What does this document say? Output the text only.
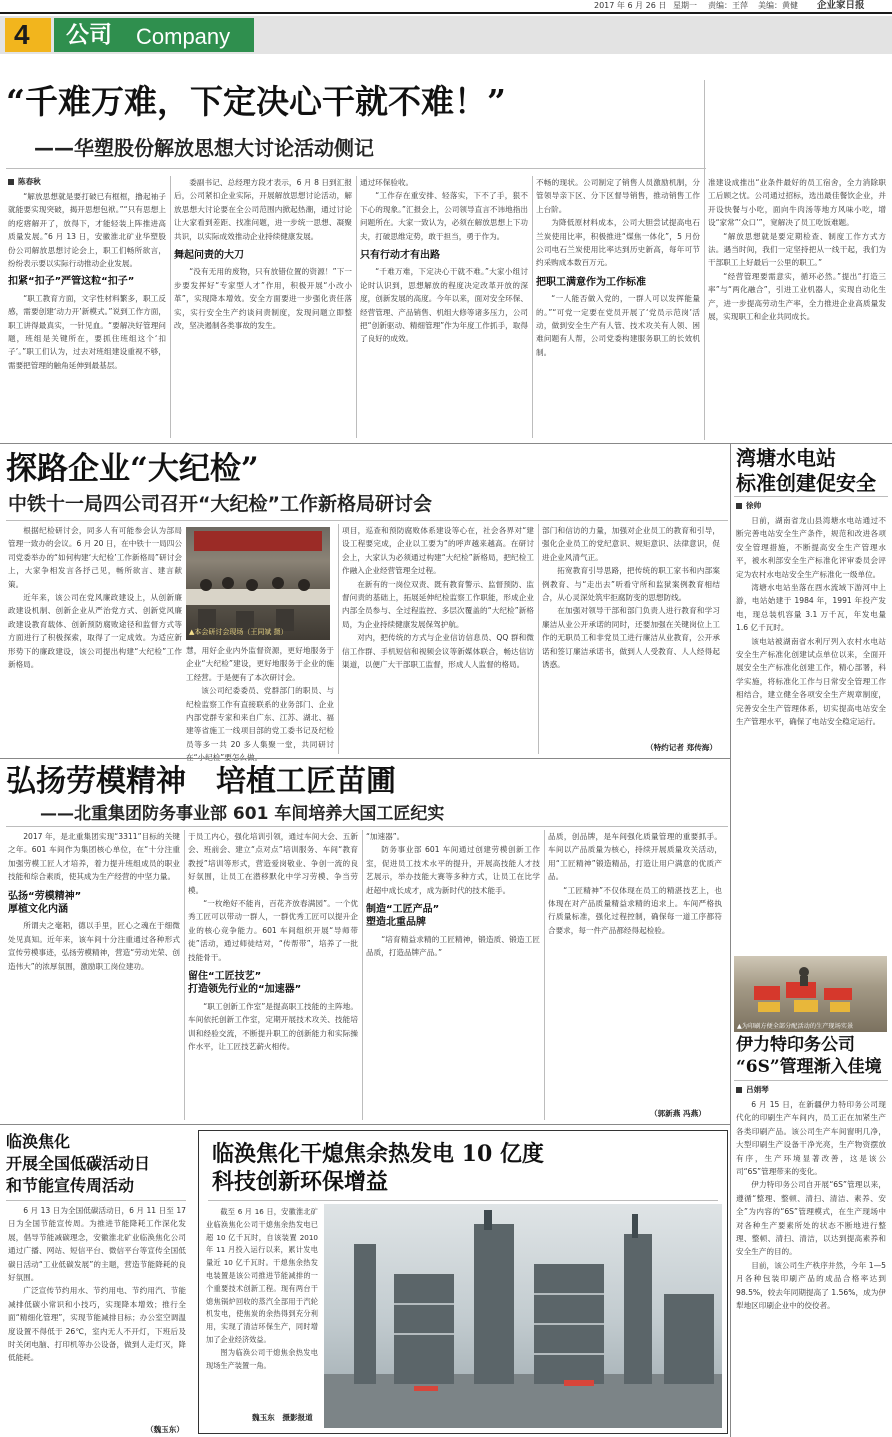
2017 年 6 月 26 日 星期一 责编：王萍 美编：黄健 企业家日报
4 公司 Company
“千难万难，下定决心干就不难！”
——华塑股份解放思想大讨论活动侧记
陈春秋

“解放思想就是要打破已有框框，撸起袖子就能要实现突破，揭开思想包袱。”“只有思想上的疙瘩解开了，放得下，才能轻装上阵推进高质量发展。”6 月 13 日，安徽淮北矿业华塑股份公司解放思想讨论会上，职工们畅所欲言，纷纷表示要以实际行动推动企业发展。

扣紧“扣子”严管这粒“扣子”

“职工教育方面，文字性材料繁多，职工反感，需要创建‘动力开’新模式。”说到工作方面，职工讲得最真实，一针见血。“要解决好管理问题，班组是关键所在，要抓住班组这个‘扣子’。”职工们认为，过去对班组建设重视不够，需要把管理的触角延伸到最基层。

委副书记、总经理方段才表示，6 月 8 日到汇报后，公司紧扣企业实际，开展解放思想讨论活动，解放思想大讨论要在全公司范围内掀起热潮，通过讨论让大家看到差距、找准问题，进一步统一思想、凝聚共识，以实际成效推动企业持续健康发展。

舞起问责的大刀

“没有无用的废物，只有放错位置的资源！”下一步要发挥好“专家型人才”作用，积极开展“小改小革”，实现降本增效。安全方面要进一步强化责任落实，实行安全生产约谈问责制度，发现问题立即整改，坚决遏制各类事故的发生。

通过环保验收。

“工作存在重安排、轻落实，下不了手，狠不下心的现象。”汇报会上，公司领导直言不讳地指出问题所在。大家一致认为，必须在解放思想上下功夫，打破思维定势，敢于担当，勇于作为。

只有行动才有出路

“千难万难，下定决心干就不难。”大家小组讨论时认识到，思想解放的程度决定改革开放的深度，创新发展的高度。今年以来，面对安全环保、经营管理、产品销售、机组大修等诸多压力，公司把“创新驱动、精细管理”作为年度工作抓手，取得了良好的成效。

不畅的现状。公司制定了销售人员激励机制，分管领导亲下区、分下区督导销售，推动销售工作上台阶。

为降低原材料成本，公司大胆尝试提高电石兰炭使用比率，积极推进“煤焦一体化”，5 月份公司电石兰炭使用比率达到历史新高，每年可节约采购成本数百万元。

把职工满意作为工作标准

“一人能否做入党的，一群人可以发挥能量的。”“可党一定要在党员开展了‘党员示范岗’活动，做到安全生产有人管、技术攻关有人领、困难问题有人帮，公司党委构建服务职工的长效机制。

准建设成推出“业条件最好的员工宿舍，全力消除职工后顾之忧。公司通过招标，选出最佳餐饮企业，并开设快餐与小吃，面向牛肉汤等地方风味小吃，增设“家常”‘众口’”，宽解决了员工吃饭难题。

“解放思想就是要定期检查、制度工作方式方法。遇当时间，我们一定坚持把从一线干起，我们为干部职工上好最后一公里的职工。”

“经营管理要需意实，循环必然。”提出“打造三率”与“两化融合”，引进工业机器人，实现自动化生产，进一步提高劳动生产率，全力推进企业高质量发展，实现职工和企业共同成长。

探路企业“大纪检”
中铁十一局四公司召开“大纪检”工作新格局研讨会

根据纪检研讨会，同多人有可能参会认为部局管理一致办的会议。6 月 20 日，在中铁十一局四公司党委举办的“如何构建‘大纪检’工作新格局”研讨会上，大家争相发言各抒己见，畅所欲言、建言献策。

近年来，该公司在党风廉政建设上，从创新廉政建设机制、创新企业从严治党方式、创新党风廉政建设教育载体、创新预防腐败途径和监督方式等方面进行了积极探索，取得了一定成效。为适应新形势下的廉政建设，该公司提出构建“大纪检”工作新格局。

▲本会研讨会现场（王同斌 摄）

慧，用好企业内外监督资源，更好地服务于企业“大纪检”建设，更好地服务于企业的施工经营。于是便有了本次研讨会。

该公司纪委委员、党群部门的职员、与纪检监察工作有直接联系的业务部门、企业内部党群专家和来自广东、江苏、湖北、福建等省施工一线项目部的党工委书记及纪检员等多一共 20 多人集聚一堂，共同研讨

项目，巡查和预防腐败体系建设等心在，社会各界对“建设工程要完成，企业以工要为”的呼声越来越高。在研讨会上，大家认为必须通过构建“大纪检”新格局，把纪检工作融入企业经营管理全过程。

在新有的一岗位双责、既有教育警示、监督预防、监督问责的基础上，拓展延伸纪检监察工作职能，形成企业内部全员参与、全过程监控、多层次覆盖的“大纪检”新格局，为企业持续健康发展保驾护航。

对内，把传统的方式与企业信访信息员、QQ 群和微信工作群、手机短信和视频会议等新媒体联合，畅达信访渠道，以便广大干部职工监督，形成人人监督的格局。

部门和信访的力量，加强对企业员工的教育和引导，强化企业员工的党纪意识、规矩意识、法律意识，促进企业风清气正。

拓宽教育引导思路，把传统的职工家书和内部案例教育、与“走出去”听看守所和监狱案例教育相结合，从心灵深处筑牢拒腐防变的思想防线。

在加强对领导干部和部门负责人进行教育和学习廉洁从业公开承诺的同时，还要加强在关键岗位上工作的无职员工和非党员工进行廉洁从业教育，公开承诺和签订廉洁承诺书，做到人人受教育、人人经得起诱惑。

（特约记者 郑传海）
弘扬劳模精神　培植工匠苗圃
——北重集团防务事业部 601 车间培养大国工匠纪实

2017 年，是北重集团实现“3311”目标的关键之年。601 车间作为集团核心单位，在“十分注重加强劳模工匠人才培养，着力提升班组成员的职业技能和综合素质，使其成为生产经营的中坚力量。

弘扬“劳模精神”
厚植文化内涵

所谓夫之毫耜，德以手里，匠心之魂在于细微处见真知。近年来，该车间十分注重通过各种形式宣传劳模事迹，弘扬劳模精神，营造“劳动光荣、创造伟大”的浓厚氛围，激励职工岗位建功。

于员工内心，强化培训引领，通过车间大会、五新会、班前会、建立“点对点”培训服务、车间“教育教授”培训等形式，营造爱岗敬业、争创一流的良好氛围，让员工在潜移默化中学习劳模、争当劳模。

“一枚绝好不能肖，百花齐放春满园”。一个优秀工匠可以带动一群人，一群优秀工匠可以提升企业的核心竞争能力。601 车间组织开展“导师带徒”活动，通过师徒结对，“传帮带”，培养了一批技能骨干。

留住“工匠技艺”
打造领先行业的“加速器”

“职工创新工作室”是提高职工技能的主阵地。车间依托创新工作室，定期开展技术攻关、技能培训和经验交流，不断提升职工的创新能力和实际操作水平，让工匠技艺薪火相传。

“加速器”。

防务事业部 601 车间通过创建劳模创新工作室，促进员工技术水平的提升，开展高技能人才技艺展示，举办技能大赛等多种方式，让员工在比学赶超中成长成才，成为新时代的技术能手。

制造“工匠产品”
塑造北重品牌

“培育精益求精的工匠精神，锻造质、锻造工匠品质，打造品牌产品。”

品质，创品牌，是车间强化质量管理的重要抓手。车间以产品质量为核心，持续开展质量攻关活动，用“工匠精神”锻造精品，打造让用户满意的优质产品。

“工匠精神”不仅体现在员工的精湛技艺上，也体现在对产品质量精益求精的追求上。车间严格执行质量标准，强化过程控制，确保每一道工序都符合要求，每一件产品都经得起检验。

（郭新燕 冯燕）
湾塘水电站
标准创建促安全
徐帅

日前，湖南省龙山县湾塘水电站通过不断完善电站安全生产条件，规范和改进各项安全管理措施，不断提高安全生产管理水平，被水利部安全生产标准化评审委员会评定为农村水电站安全生产标准化一级单位。

湾塘水电站坐落在酉水流域下游河中上游，电站始建于 1984 年，1991 年投产发电，现总装机容量 3.1 万千瓦，年发电量 1.6 亿千瓦时。

该电站被湖南省水利厅列入农村水电站安全生产标准化创建试点单位以来，全面开展安全生产标准化创建工作，精心部署，科学实施，将标准化工作与日常安全管理工作相结合，建立健全各项安全生产规章制度，完善安全生产管理体系，切实提高电站安全生产管理水平，确保了电站安全稳定运行。

▲为印刷方便全部分配活动的生产现场实景
伊力特印务公司
“6S”管理渐入佳境
吕娟琴

6 月 15 日，在新疆伊力特印务公司现代化的印刷生产车间内，员工正在加紧生产各类印刷产品。该公司生产车间窗明几净，大型印刷生产设备干净光亮，生产物资摆放有序，生产环境显著改善，这是该公司“6S”管理带来的变化。

伊力特印务公司自开展“6S”管理以来，遵循“整理、整顿、清扫、清洁、素养、安全”为内容的“6S”管理模式，在生产现场中对各种生产要素所处的状态不断地进行整理、整顿、清扫、清洁，以达到提高素养和安全生产的目的。

目前，该公司生产秩序井然，今年 1—5 月各种包装印刷产品的成品合格率达到 98.5%，较去年同期提高了 1.56%，成为伊犁地区印刷企业中的佼佼者。

临涣焦化
开展全国低碳活动日
和节能宣传周活动

6 月 13 日为全国低碳活动日，6 月 11 日至 17 日为全国节能宣传周。为推进节能降耗工作深化发展，倡导节能减碳理念，安徽淮北矿业临涣焦化公司通过广播、网站、短信平台、微信平台等宣传全国低碳日活动“工业低碳发展”的主题，营造节能降耗的良好氛围。

广泛宣传节约用水、节约用电、节约用汽、节能减排低碳小常识和小技巧，实现降本增效；推行全面“精细化管理”，实现节能减排目标；办公室空调温度设置不得低于 26℃，室内无人不开灯，下班后及时关闭电脑、打印机等办公设备，做到人走灯灭，降低能耗。

（魏玉东）
临涣焦化干熄焦余热发电 10 亿度
科技创新环保增益

截至 6 月 16 日，安徽淮北矿业临涣焦化公司干熄焦余热发电已超 10 亿千瓦时，自该装置 2010 年 11 月投入运行以来，累计发电量近 10 亿千瓦时。干熄焦余热发电装置是该公司推进节能减排的一个重要技术创新工程。现有两台干熄焦锅炉回收的蒸汽全部用于汽轮机发电，使焦炭的余热得到充分利用，实现了清洁环保生产，同时增加了企业经济效益。

图为临涣公司干熄焦余热发电现场生产装置一角。

魏玉东　摄影报道
